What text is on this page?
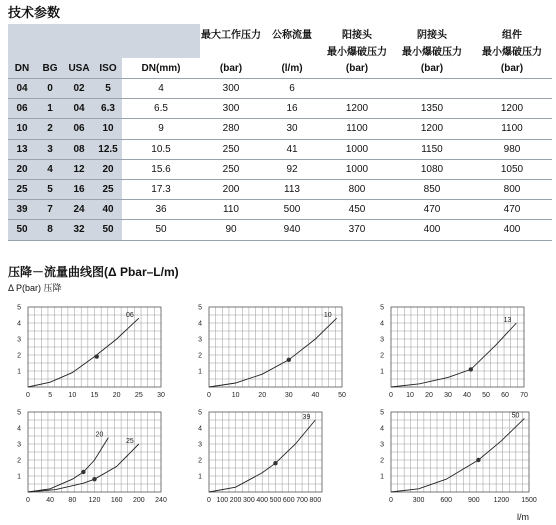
技术参数
					最大工作压力	公称流量	阳接头	阴接头	组件
							最小爆破压力	最小爆破压力	最小爆破压力
DN	BG	USA	ISO	DN(mm)	(bar)	(l/m)	(bar)	(bar)	(bar)
04	0	02	5	4	300	6			
06	1	04	6.3	6.5	300	16	1200	1350	1200
10	2	06	10	9	280	30	1100	1200	1100
13	3	08	12.5	10.5	250	41	1000	1150	980
20	4	12	20	15.6	250	92	1000	1080	1050
25	5	16	25	17.3	200	113	800	850	800
39	7	24	40	36	110	500	450	470	470
50	8	32	50	50	90	940	370	400	400
压降－流量曲线图(Δ Pbar–L/m)
Δ P(bar) 压降
l/m
1
2
3
4
5
0	5 10 15 20 25 30
06
1
2
3
4
5
0	10	20	30	40	50
10
1
2
3
4
5
0 10 20 30 40 50 60 70
13
1
2
3
4
5
0 40 80 120 160 200 240
20
25
1
2
3
4
5
0 100 200 300 400 500 600 700 800
39
1
2
3
4
5
0	300 600 900 1200 1500
50
